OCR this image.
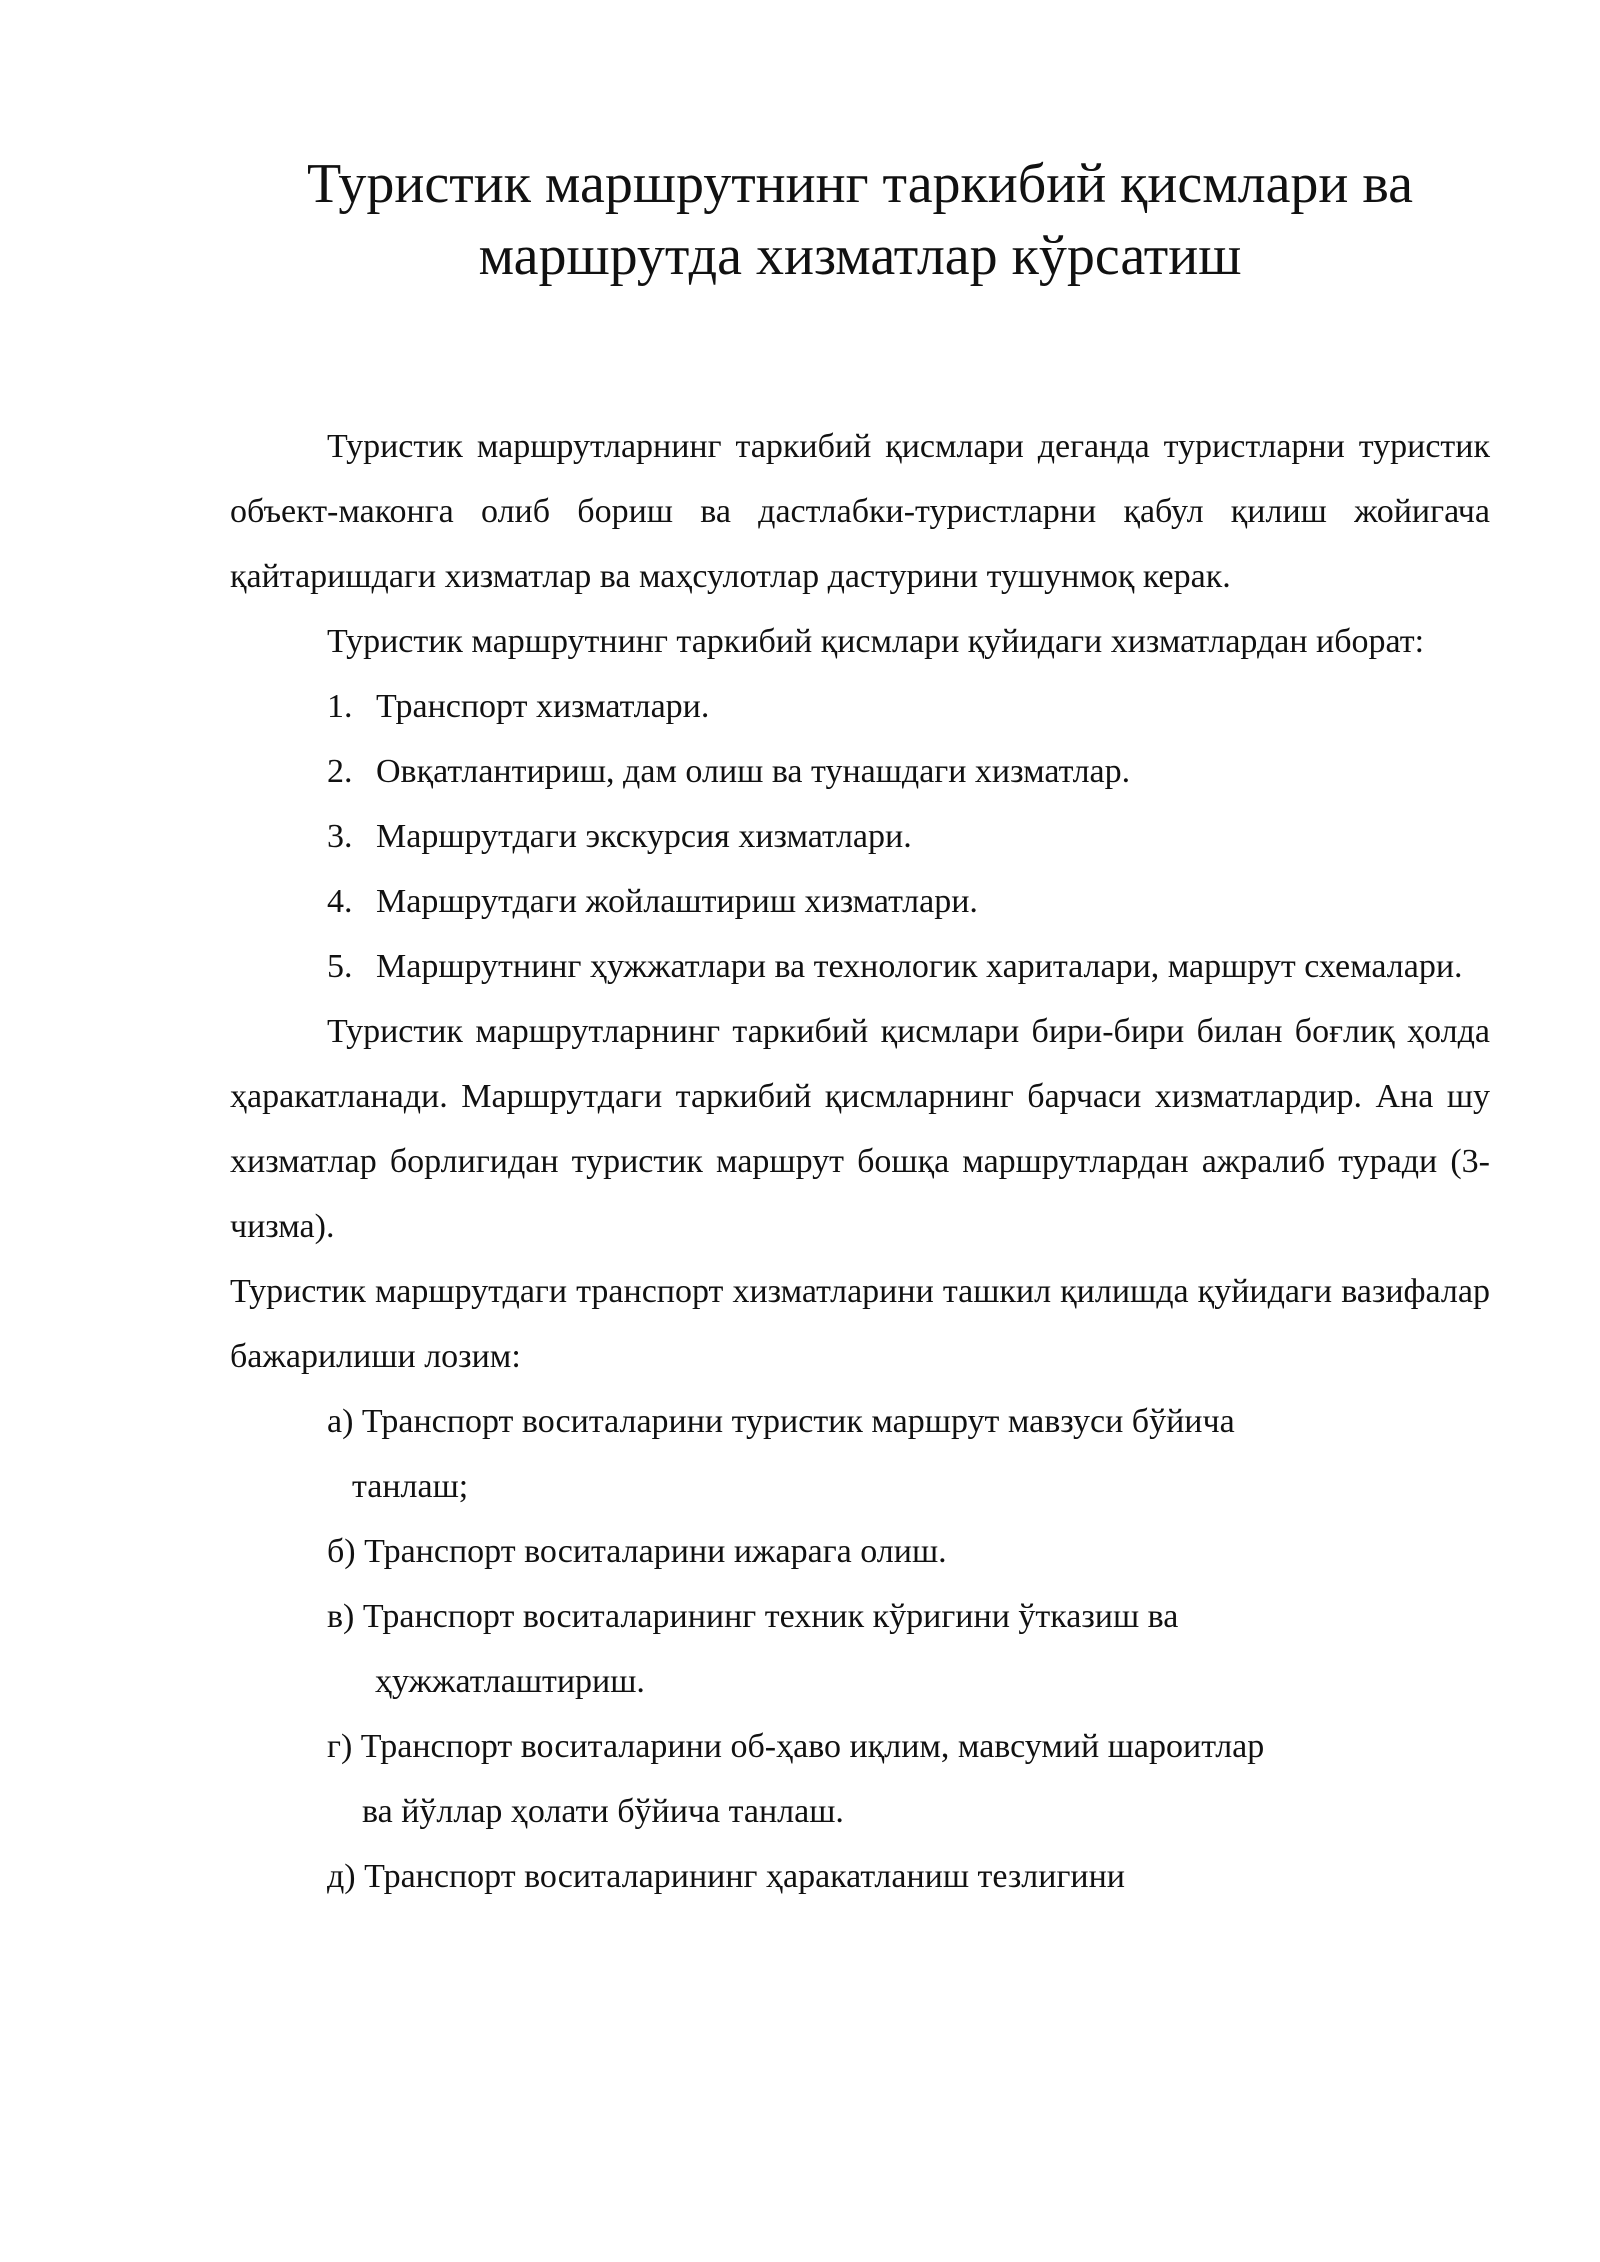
Туристик маршрутнинг таркибий қисмлари ва маршрутда хизматлар кўрсатиш

Туристик маршрутларнинг таркибий қисмлари деганда туристларни туристик объект-маконга олиб бориш ва дастлабки-туристларни қабул қилиш жойигача қайтаришдаги хизматлар ва маҳсулотлар дастурини тушунмоқ керак.

Туристик маршрутнинг таркибий қисмлари қуйидаги хизматлардан иборат:

1. Транспорт хизматлари.
2. Овқатлантириш, дам олиш ва тунашдаги хизматлар.
3. Маршрутдаги экскурсия хизматлари.
4. Маршрутдаги жойлаштириш хизматлари.
5. Маршрутнинг ҳужжатлари ва технологик хариталари, маршрут схемалари.

Туристик маршрутларнинг таркибий қисмлари бири-бири билан боғлиқ ҳолда ҳаракатланади. Маршрутдаги таркибий қисмларнинг барчаси хизматлардир. Ана шу хизматлар борлигидан туристик маршрут бошқа маршрутлардан ажралиб туради (3-чизма).

Туристик маршрутдаги транспорт хизматларини ташкил қилишда қуйидаги вазифалар бажарилиши лозим:

а) Транспорт воситаларини туристик маршрут мавзуси бўйича
танлаш;
б) Транспорт воситаларини ижарага олиш.
в) Транспорт воситаларининг техник кўригини ўтказиш ва
ҳужжатлаштириш.
г) Транспорт воситаларини об-ҳаво иқлим, мавсумий шароитлар
ва йўллар ҳолати бўйича танлаш.
д) Транспорт воситаларининг ҳаракатланиш тезлигини
